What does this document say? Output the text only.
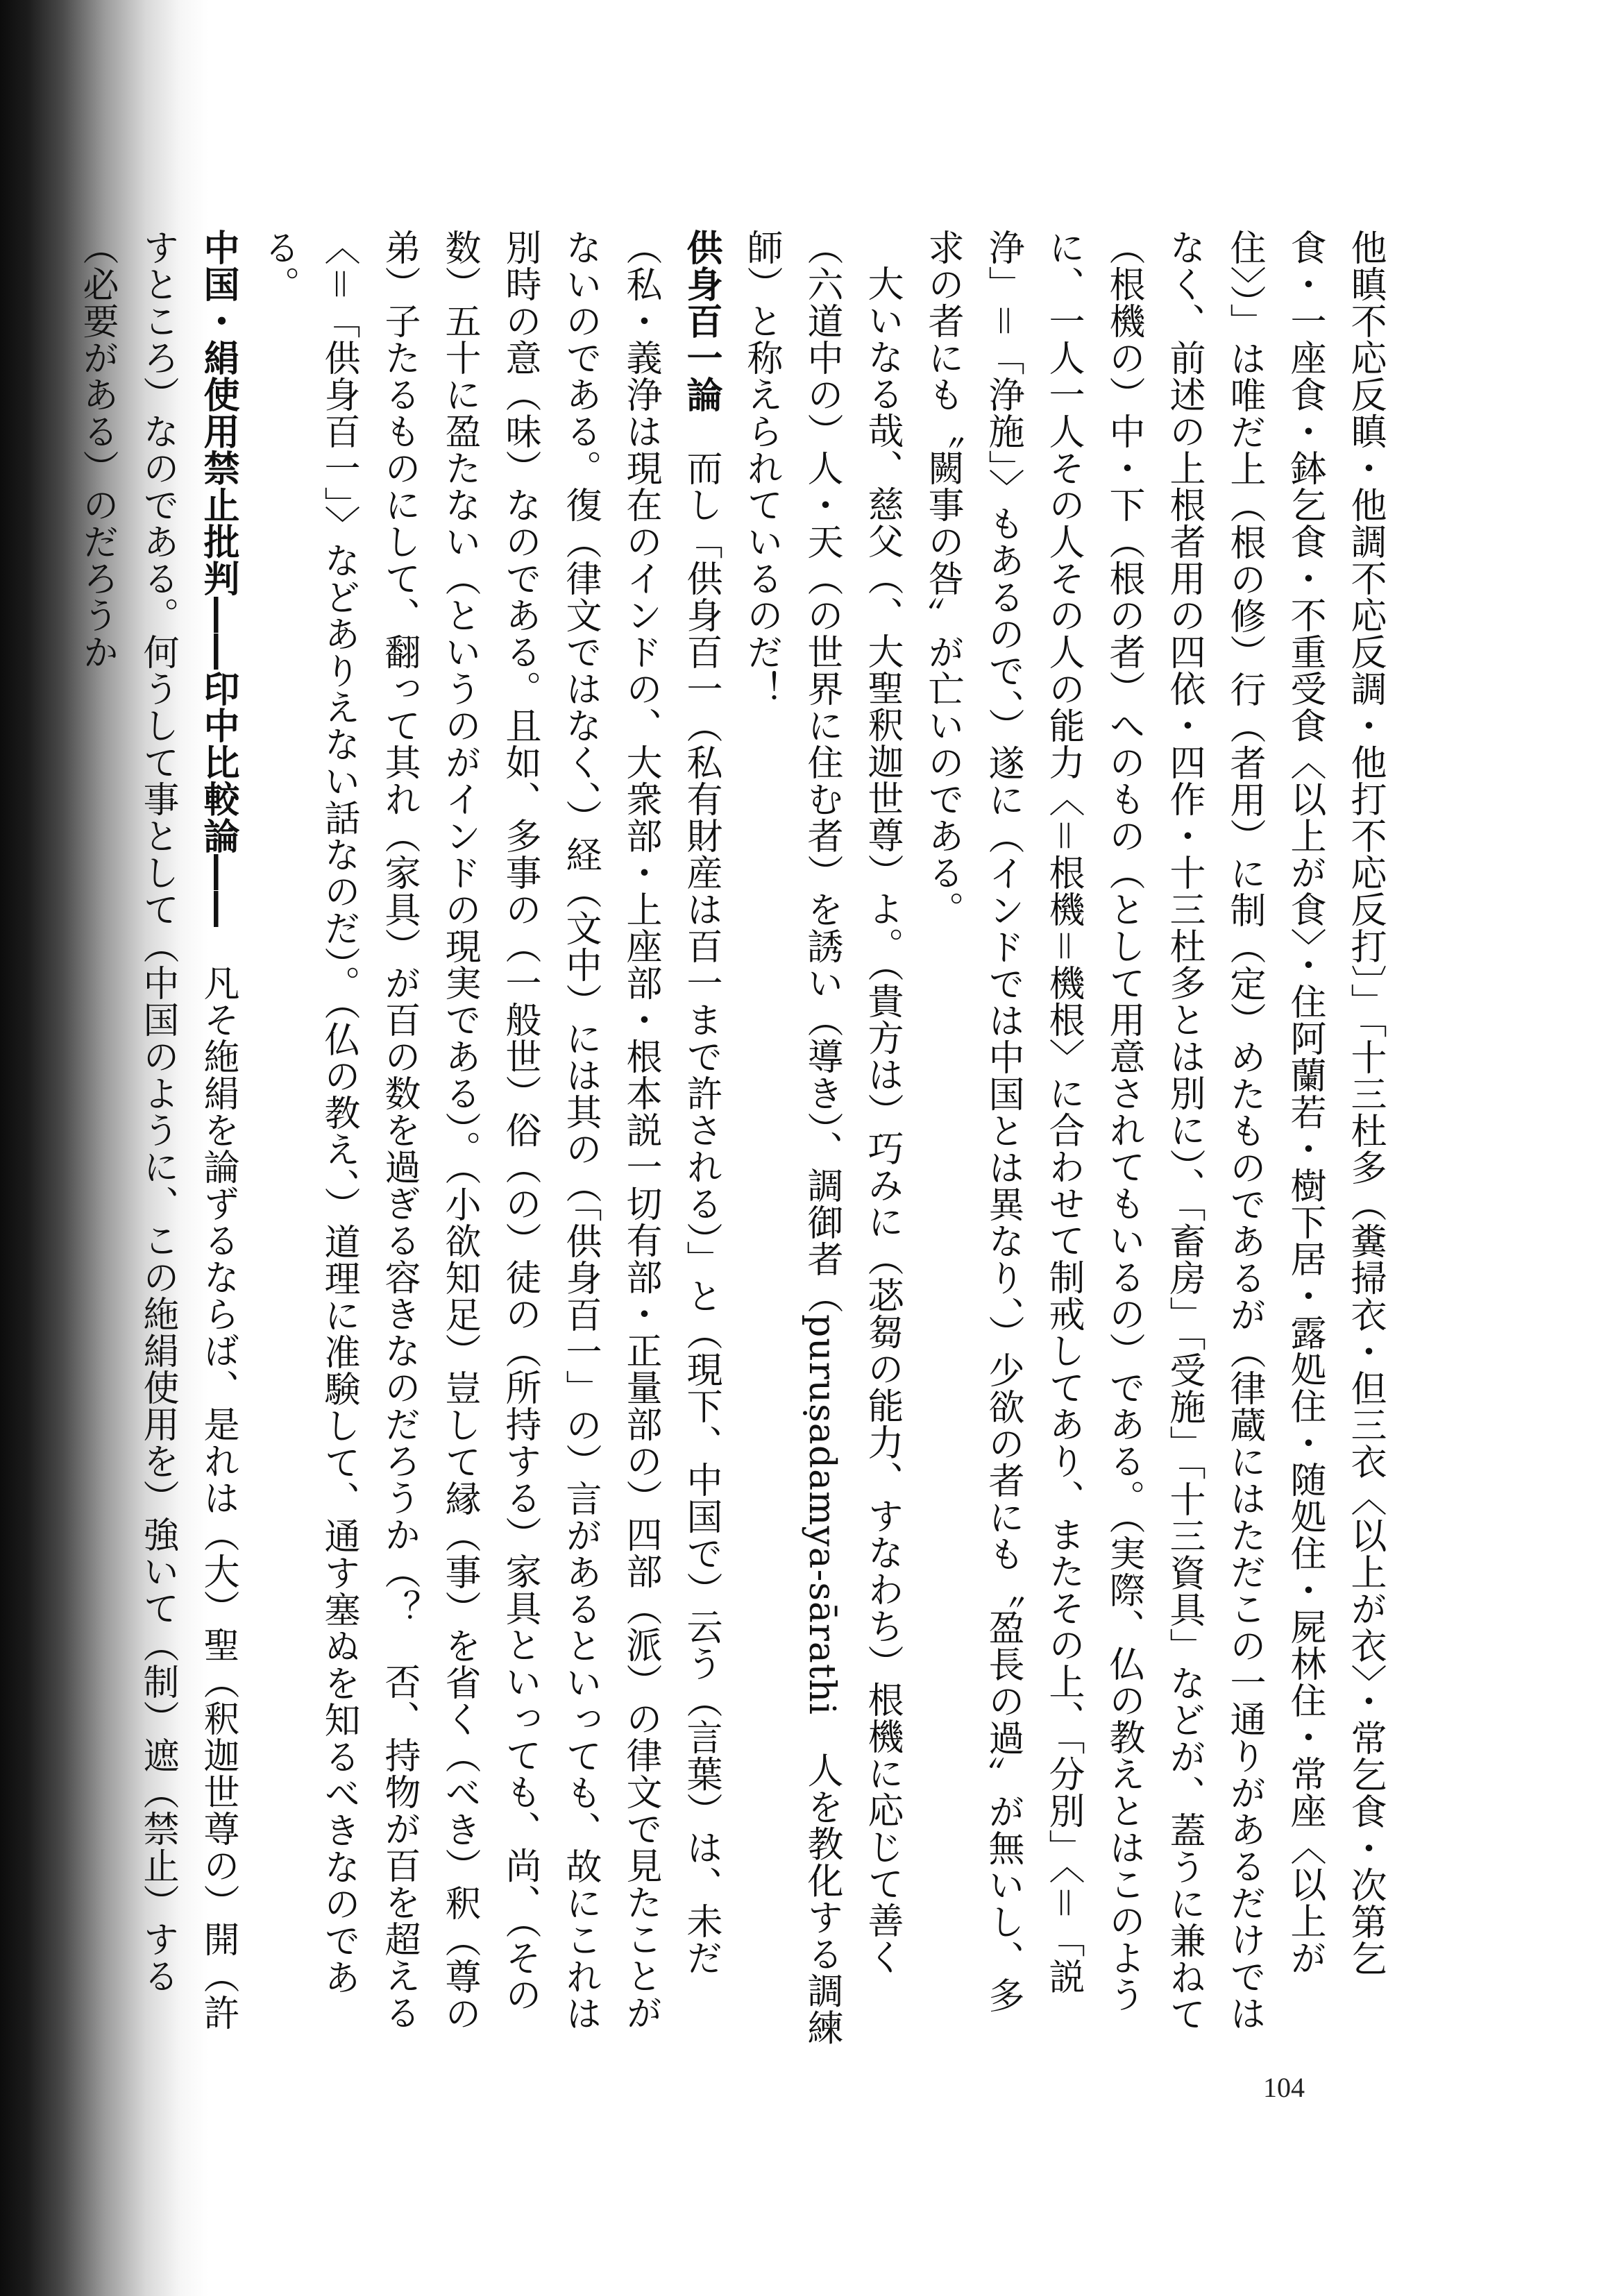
他瞋不応反瞋・他調不応反調・他打不応反打〕」「十三杜多（糞掃衣・但三衣〈以上が衣〉・常乞食・次第乞食・一座食・鉢乞食・不重受食〈以上が食〉・住阿蘭若・樹下居・露処住・随処住・屍林住・常座〈以上が住〉）」は唯だ上（根の修）行（者用）に制（定）めたものであるが（律蔵にはただこの一通りがあるだけではなく、前述の上根者用の四依・四作・十三杜多とは別に）、「畜房」「受施」「十三資具」などが、蓋うに兼ねて（根機の）中・下（根の者）へのもの（として用意されてもいるの）である。（実際、仏の教えとはこのように、一人一人その人その人の能力〈＝根機＝機根〉に合わせて制戒してあり、またその上、「分別」〈＝「説浄」＝「浄施」〉もあるので、）遂に（インドでは中国とは異なり、）少欲の者にも〝盈長の過〟が無いし、多求の者にも〝闕事の咎〟が亡いのである。

大いなる哉、慈父（、大聖釈迦世尊）よ。（貴方は）巧みに（苾芻の能力、すなわち）根機に応じて善く（六道中の）人・天（の世界に住む者）を誘い（導き）、調御者（puruṣadamya-sārathi　人を教化する調練師）と称えられているのだ！

供身百一論　而し「供身百一（私有財産は百一まで許される）」と（現下、中国で）云う（言葉）は、未だ（私・義浄は現在のインドの、大衆部・上座部・根本説一切有部・正量部の）四部（派）の律文で見たことがないのである。復（律文ではなく、）経（文中）には其の（「供身百一」の）言があるといっても、故にこれは別時の意（味）なのである。且如、多事の（一般世）俗（の）徒の（所持する）家具といっても、尚、（その数）五十に盈たない（というのがインドの現実である）。（小欲知足）豈して縁（事）を省く（べき）釈（尊の弟）子たるものにして、翻って其れ（家具）が百の数を過ぎる容きなのだろうか（？　否、持物が百を超える〈＝「供身百一」〉などありえない話なのだ）。（仏の教え、）道理に准験して、通す塞ぬを知るべきなのである。

中国・絹使用禁止批判――印中比較論――　凡そ絁絹を論ずるならば、是れは（大）聖（釈迦世尊の）開（許すところ）なのである。何うして事として（中国のように、この絁絹使用を）強いて（制）遮（禁止）する（必要がある）のだろうか

104
